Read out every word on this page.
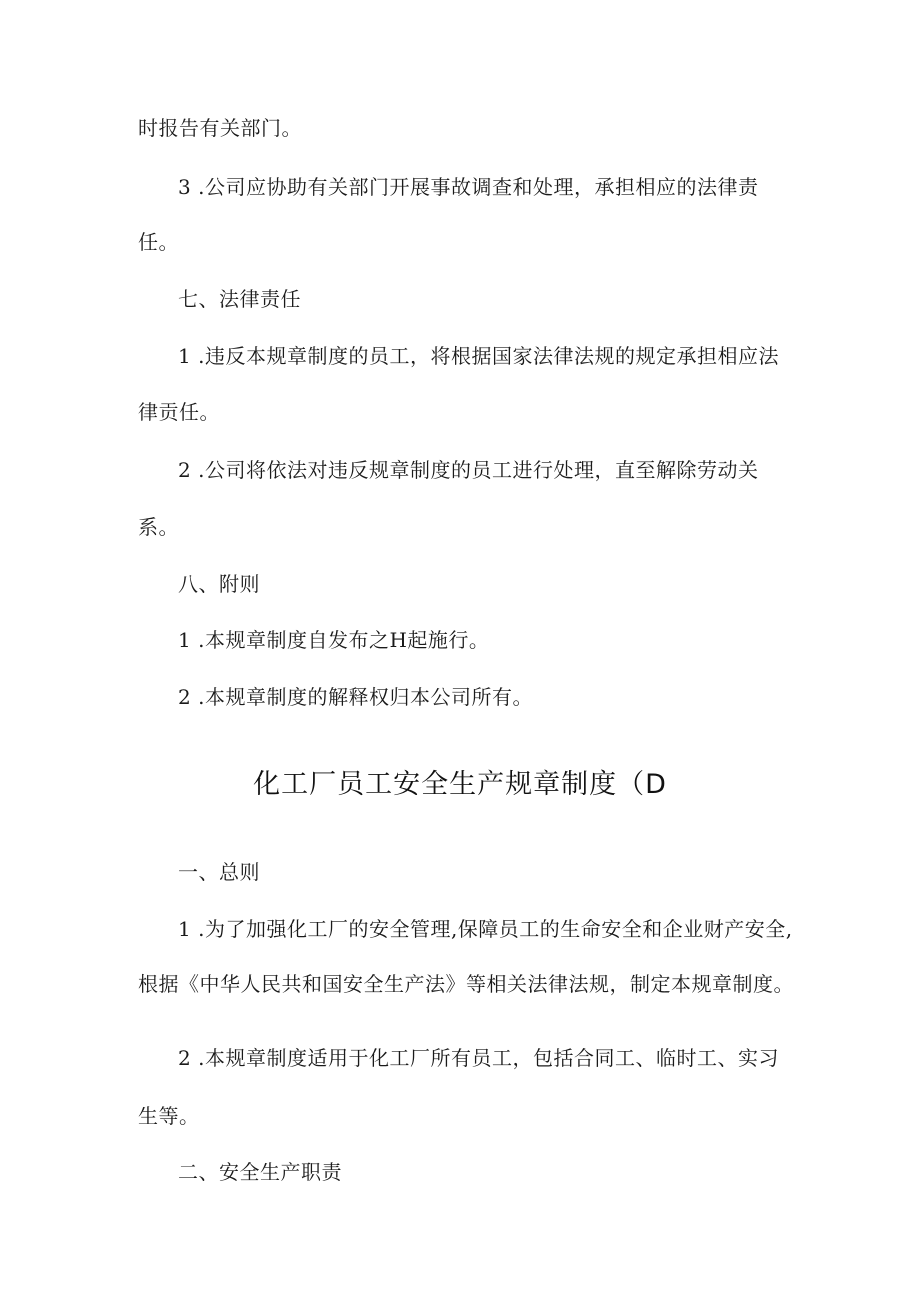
时报告有关部门。
3 .公司应协助有关部门开展事故调查和处理，承担相应的法律责
任。
七、法律责任
1 .违反本规章制度的员工，将根据国家法律法规的规定承担相应法
律贡任。
2 .公司将依法对违反规章制度的员工进行处理，直至解除劳动关
系。
八、附则
1 .本规章制度自发布之H起施行。
2 .本规章制度的解释权归本公司所有。
化工厂员工安全生产规章制度（D
一、总则
1 .为了加强化工厂的安全管理,保障员工的生命安全和企业财产安全,
根据《中华人民共和国安全生产法》等相关法律法规，制定本规章制度。
2 .本规章制度适用于化工厂所有员工，包括合同工、临时工、实习
生等。
二、安全生产职责
